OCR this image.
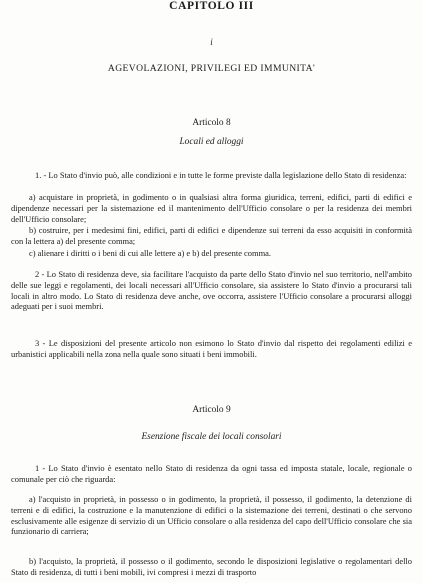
CAPITOLO III
i
AGEVOLAZIONI, PRIVILEGI ED IMMUNITA'
Articolo 8
Locali ed alloggi

1. - Lo Stato d'invio può, alle condizioni e in tutte le forme previste dalla legislazione dello Stato di residenza:

a) acquistare in proprietà, in godimento o in qualsiasi altra forma giuridica, terreni, edifici, parti di edifici e dipendenze necessari per la sistemazione ed il mantenimento dell'Ufficio consolare o per la residenza dei membri dell'Ufficio consolare;

b) costruire, per i medesimi fini, edifici, parti di edifici e dipendenze sui terreni da esso acquisiti in conformità con la lettera a) del presente comma;

c) alienare i diritti o i beni di cui alle lettere a) e b) del presente comma.

2 - Lo Stato di residenza deve, sia facilitare l'acquisto da parte dello Stato d'invio nel suo territorio, nell'ambito delle sue leggi e regolamenti, dei locali necessari all'Ufficio consolare, sia assistere lo Stato d'invio a procurarsi tali locali in altro modo. Lo Stato di residenza deve anche, ove occorra, assistere l'Ufficio consolare a procurarsi alloggi adeguati per i suoi membri.

3 - Le disposizioni del presente articolo non esimono lo Stato d'invio dal rispetto dei regolamenti edilizi e urbanistici applicabili nella zona nella quale sono situati i beni immobili.

Articolo 9
Esenzione fiscale dei locali consolari

1 - Lo Stato d'invio è esentato nello Stato di residenza da ogni tassa ed imposta statale, locale, regionale o comunale per ciò che riguarda:

a) l'acquisto in proprietà, in possesso o in godimento, la proprietà, il possesso, il godimento, la detenzione di terreni e di edifici, la costruzione e la manutenzione di edifici o la sistemazione dei terreni, destinati o che servono esclusivamente alle esigenze di servizio di un Ufficio consolare o alla residenza del capo dell'Ufficio consolare che sia funzionario di carriera;

b) l'acquisto, la proprietà, il possesso o il godimento, secondo le disposizioni legislative o regolamentari dello Stato di residenza, di tutti i beni mobili, ivi compresi i mezzi di trasporto
